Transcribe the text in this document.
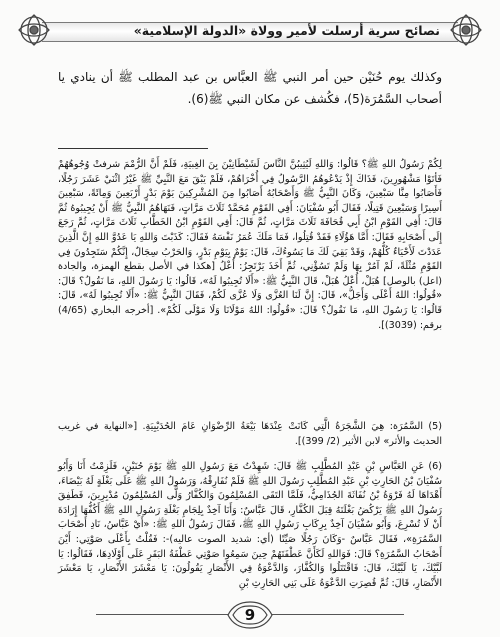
نصائح سرية أرسلت لأمير وولاة «الدولة الإسلامية»
وكذلك يوم حُنَيْن حين أمر النبي ﷺ العبَّاس بن عبد المطلب ﷺ أن ينادي يا أصحاب السَّمُرَة(5)، فكُشف عن مكان النبي ﷺ(6).
لِكُمْ رَسُولُ اللهِ ﷺ؟ قَالُوا: وَاللهِ لَيُثِيبُنَّ النَّاسَ لَشَيْطَانِيْنَ بِنَ الغِبيَةِ، فَلَمْ أَنَّ الرُّمْمَ شرفتْ وُجُوهُهُمْ فَأتَوْا مَشْهُورِينَ، فَذَاكَ إِذْ يَدْعُوهُمُ الرَّسُولُ فِي أُخْرَاهُمْ، فَلَمْ يَبْقَ مَعَ النَّبِيِّ ﷺ غَيْرُ اثْنَيْ عَشَرَ رَجُلًا، فَأَصَابُوا مِنَّا سَبْعِينَ، وَكَانَ النَّبِيُّ ﷺ وَأَصْحَابُهُ أَصَابُوا مِنَ المُشْرِكِينَ يَوْمَ بَدْرٍ أَرْبَعِينَ وَمِائَةً، سَبْعِينَ أَسِيرًا وَسَبْعِينَ قَتِيلًا، فَقَالَ أَبُو سُفْيَانَ: أَفِي القَوْمِ مُحَمَّدٌ ثَلَاثَ مَرَّاتٍ، فَنَهَاهُمُ النَّبِيُّ ﷺ أَنْ يُجِيبُوهُ ثُمَّ قَالَ: أَفِي القَوْمِ ابْنُ أَبِي قُحَافَةَ ثَلَاثَ مَرَّاتٍ، ثُمَّ قَالَ: أَفِي القَوْمِ ابْنُ الخَطَّابِ ثَلَاثَ مَرَّاتٍ، ثُمَّ رَجَعَ إِلَى أَصْحَابِهِ فَقَالَ: أَمَّا هَؤُلَاءِ فَقَدْ قُتِلُوا، فَمَا مَلَكَ عُمَرُ نَفْسَهُ فَقَالَ: كَذَبْتَ وَاللهِ يَا عَدُوَّ اللهِ إِنَّ الَّذِينَ عَدَدْتَ لَأَحْيَاءٌ كُلُّهُمْ، وَقَدْ بَقِيَ لَكَ مَا يَسُوءُكَ، قَالَ: يَوْمٌ بِيَوْمِ بَدْرٍ، وَالحَرْبُ سِجَالٌ، إِنَّكُمْ سَتَجِدُونَ فِي القَوْمِ مُثْلَةً، لَمْ آمُرْ بِهَا وَلَمْ تَسُؤْنِي، ثُمَّ أَخَذَ يَرْتَجِزُ: أُعْلُ [هكذا في الأصل بقطع الهمزة، والجادة (اعل) بالوصل] هُبَلْ، أُعْلُ هُبَلْ، قَالَ النَّبِيُّ ﷺ: «أَلَا تُجِيبُوا لَهُ»، قَالُوا: يَا رَسُولَ اللهِ، مَا نَقُولُ؟ قَالَ: «قُولُوا: اللهُ أَعْلَى وَأَجَلُّ»، قَالَ: إِنَّ لَنَا العُزَّى وَلَا عُزَّى لَكُمْ، فَقَالَ النَّبِيُّ ﷺ: «أَلَا تُجِيبُوا لَهُ»، قَالَ: قَالُوا: يَا رَسُولَ اللهِ، مَا نَقُولُ؟ قَالَ: «قُولُوا: اللهُ مَوْلَانَا وَلَا مَوْلَى لَكُمْ». [أخرجه البخاري (4/65) برقم: (3039)].
(5) السَّمُرَة: هِيَ الشَّجَرَةُ الَّتِي كَانَتْ عِنْدَهَا بَيْعَةُ الرِّضْوَانِ عَامَ الحُدَيْبِيَةِ. [«النهاية في غريب الحديث والأثر» لابن الأثير (2/ 399)].
(6) عَنِ العَبَّاسِ بْنِ عَبْدِ المُطَّلِبِ ﷺ قَالَ: شَهِدْتُ مَعَ رَسُولِ اللهِ ﷺ يَوْمَ حُنَيْنٍ، فَلَزِمْتُ أَنَا وَأَبُو سُفْيَانَ بْنُ الحَارِثِ بْنِ عَبْدِ المُطَّلِبِ رَسُولَ اللهِ ﷺ فَلَمْ نُفَارِقْهُ، وَرَسُولُ اللهِ ﷺ عَلَى بَغْلَةٍ لَهُ بَيْضَاءَ، أَهْدَاهَا لَهُ فَرْوَةُ بْنُ نُفَاثَةَ الجُذَامِيُّ، فَلَمَّا التَقَى المُسْلِمُونَ وَالكُفَّارُ وَلَّى المُسْلِمُونَ مُدْبِرِينَ، فَطَفِقَ رَسُولُ اللهِ ﷺ يَرْكُضُ بَغْلَتَهُ قِبَلَ الكُفَّارِ، قَالَ عَبَّاسٌ: وَأَنَا آخِذٌ بِلِجَامِ بَغْلَةِ رَسُولِ اللهِ ﷺ أَكُفُّهَا إِرَادَةَ أَنْ لَا تُسْرِعَ، وَأَبُو سُفْيَانَ آخِذٌ بِرِكَابِ رَسُولِ اللهِ ﷺ، فَقَالَ رَسُولُ اللهِ ﷺ: «أَيْ عَبَّاسُ، نَادِ أَصْحَابَ السَّمُرَةِ»، فَقَالَ عَبَّاسٌ -وَكَانَ رَجُلًا صَيِّتًا (أي: شديد الصوت عاليه)-: فَقُلْتُ بِأَعْلَى صَوْتِي: أَيْنَ أَصْحَابُ السَّمُرَةِ؟ قَالَ: فَوَاللهِ لَكَأَنَّ عَطْفَتَهُمْ حِينَ سَمِعُوا صَوْتِي عَطْفَةُ البَقَرِ عَلَى أَوْلَادِهَا، فَقَالُوا: يَا لَبَّيْكَ، يَا لَبَّيْكَ، قَالَ: فَاقْتَتَلُوا وَالكُفَّارَ، وَالدَّعْوَةُ فِي الأَنْصَارِ يَقُولُونَ: يَا مَعْشَرَ الأَنْصَارِ، يَا مَعْشَرَ الأَنْصَارِ، قَالَ: ثُمَّ قُصِرَتِ الدَّعْوَةُ عَلَى بَنِي الحَارِثِ بْنِ
9
